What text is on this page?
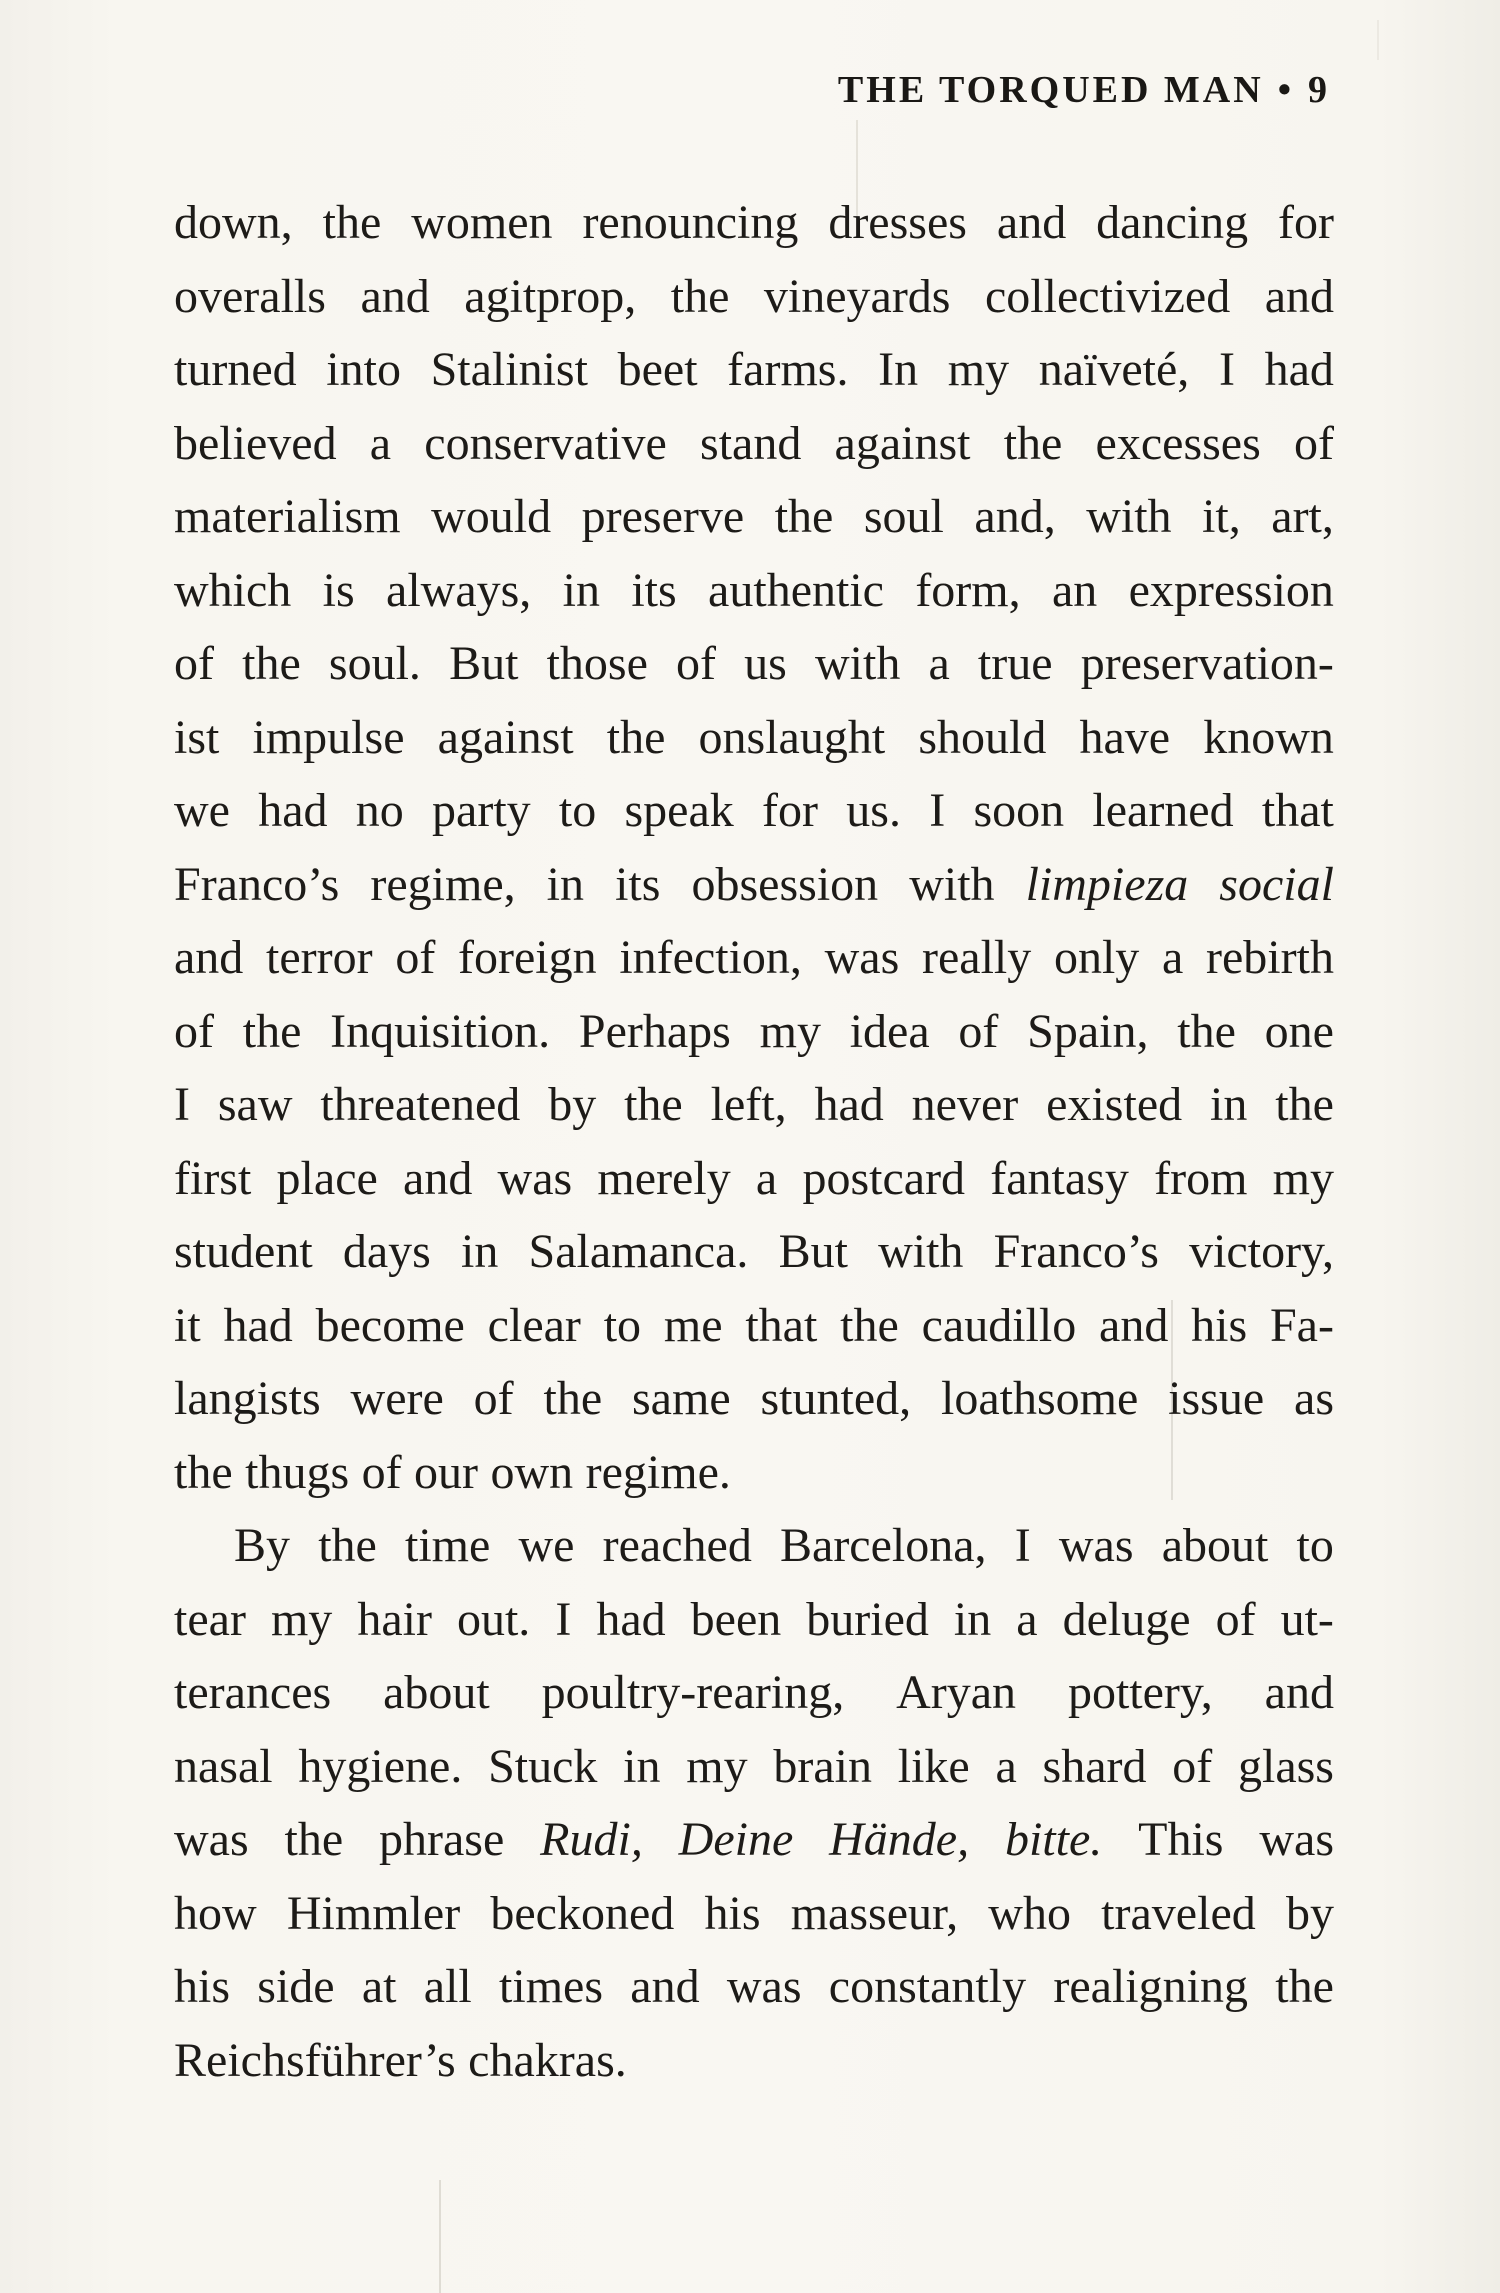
THE TORQUED MAN • 9
down, the women renouncing dresses and dancing for
overalls and agitprop, the vineyards collectivized and
turned into Stalinist beet farms. In my naïveté, I had
believed a conservative stand against the excesses of
materialism would preserve the soul and, with it, art,
which is always, in its authentic form, an expression
of the soul. But those of us with a true preservation-
ist impulse against the onslaught should have known
we had no party to speak for us. I soon learned that
Franco’s regime, in its obsession with limpieza social
and terror of foreign infection, was really only a rebirth
of the Inquisition. Perhaps my idea of Spain, the one
I saw threatened by the left, had never existed in the
first place and was merely a postcard fantasy from my
student days in Salamanca. But with Franco’s victory,
it had become clear to me that the caudillo and his Fa-
langists were of the same stunted, loathsome issue as
the thugs of our own regime.
By the time we reached Barcelona, I was about to
tear my hair out. I had been buried in a deluge of ut-
terances about poultry-rearing, Aryan pottery, and
nasal hygiene. Stuck in my brain like a shard of glass
was the phrase Rudi, Deine Hände, bitte. This was
how Himmler beckoned his masseur, who traveled by
his side at all times and was constantly realigning the
Reichsführer’s chakras.
